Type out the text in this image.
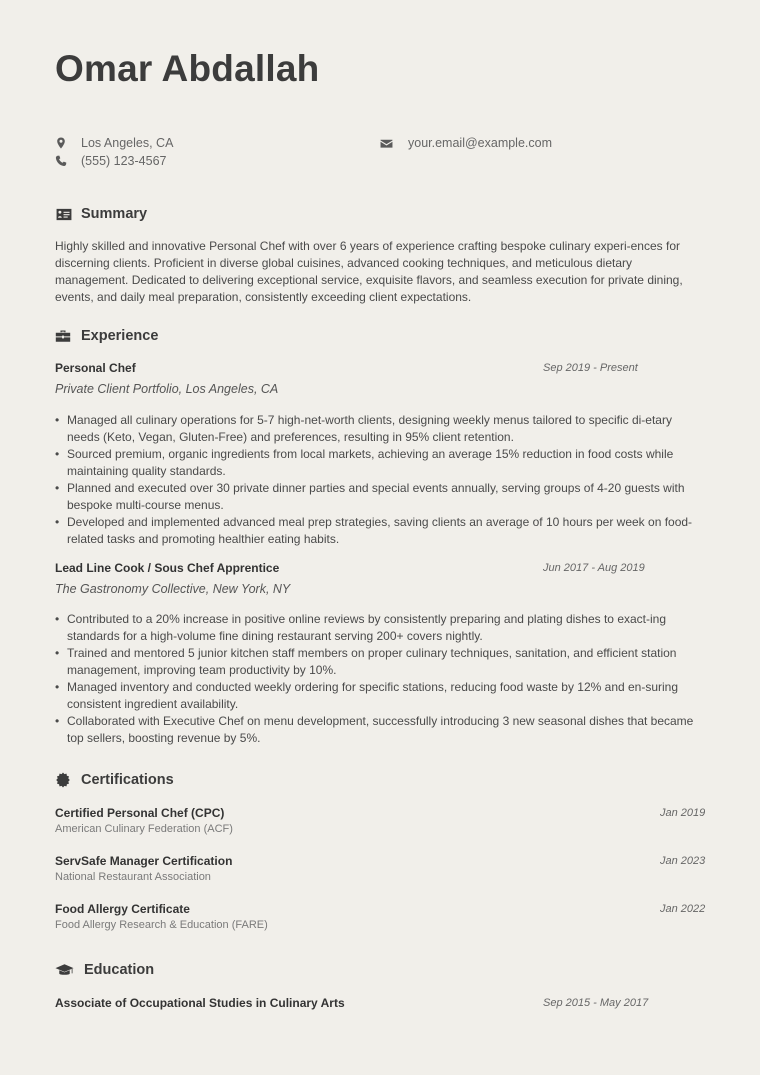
Omar Abdallah
Los Angeles, CA
(555) 123-4567
your.email@example.com
Summary
Highly skilled and innovative Personal Chef with over 6 years of experience crafting bespoke culinary experi-ences for discerning clients. Proficient in diverse global cuisines, advanced cooking techniques, and meticulous dietary management. Dedicated to delivering exceptional service, exquisite flavors, and seamless execution for private dining, events, and daily meal preparation, consistently exceeding client expectations.
Experience
Personal Chef	Sep 2019 - Present
Private Client Portfolio, Los Angeles, CA
• Managed all culinary operations for 5-7 high-net-worth clients, designing weekly menus tailored to specific di-etary needs (Keto, Vegan, Gluten-Free) and preferences, resulting in 95% client retention.
• Sourced premium, organic ingredients from local markets, achieving an average 15% reduction in food costs while maintaining quality standards.
• Planned and executed over 30 private dinner parties and special events annually, serving groups of 4-20 guests with bespoke multi-course menus.
• Developed and implemented advanced meal prep strategies, saving clients an average of 10 hours per week on food-related tasks and promoting healthier eating habits.
Lead Line Cook / Sous Chef Apprentice	Jun 2017 - Aug 2019
The Gastronomy Collective, New York, NY
• Contributed to a 20% increase in positive online reviews by consistently preparing and plating dishes to exact-ing standards for a high-volume fine dining restaurant serving 200+ covers nightly.
• Trained and mentored 5 junior kitchen staff members on proper culinary techniques, sanitation, and efficient station management, improving team productivity by 10%.
• Managed inventory and conducted weekly ordering for specific stations, reducing food waste by 12% and en-suring consistent ingredient availability.
• Collaborated with Executive Chef on menu development, successfully introducing 3 new seasonal dishes that became top sellers, boosting revenue by 5%.
Certifications
Certified Personal Chef (CPC)	Jan 2019
American Culinary Federation (ACF)
ServSafe Manager Certification	Jan 2023
National Restaurant Association
Food Allergy Certificate	Jan 2022
Food Allergy Research & Education (FARE)
Education
Associate of Occupational Studies in Culinary Arts	Sep 2015 - May 2017
